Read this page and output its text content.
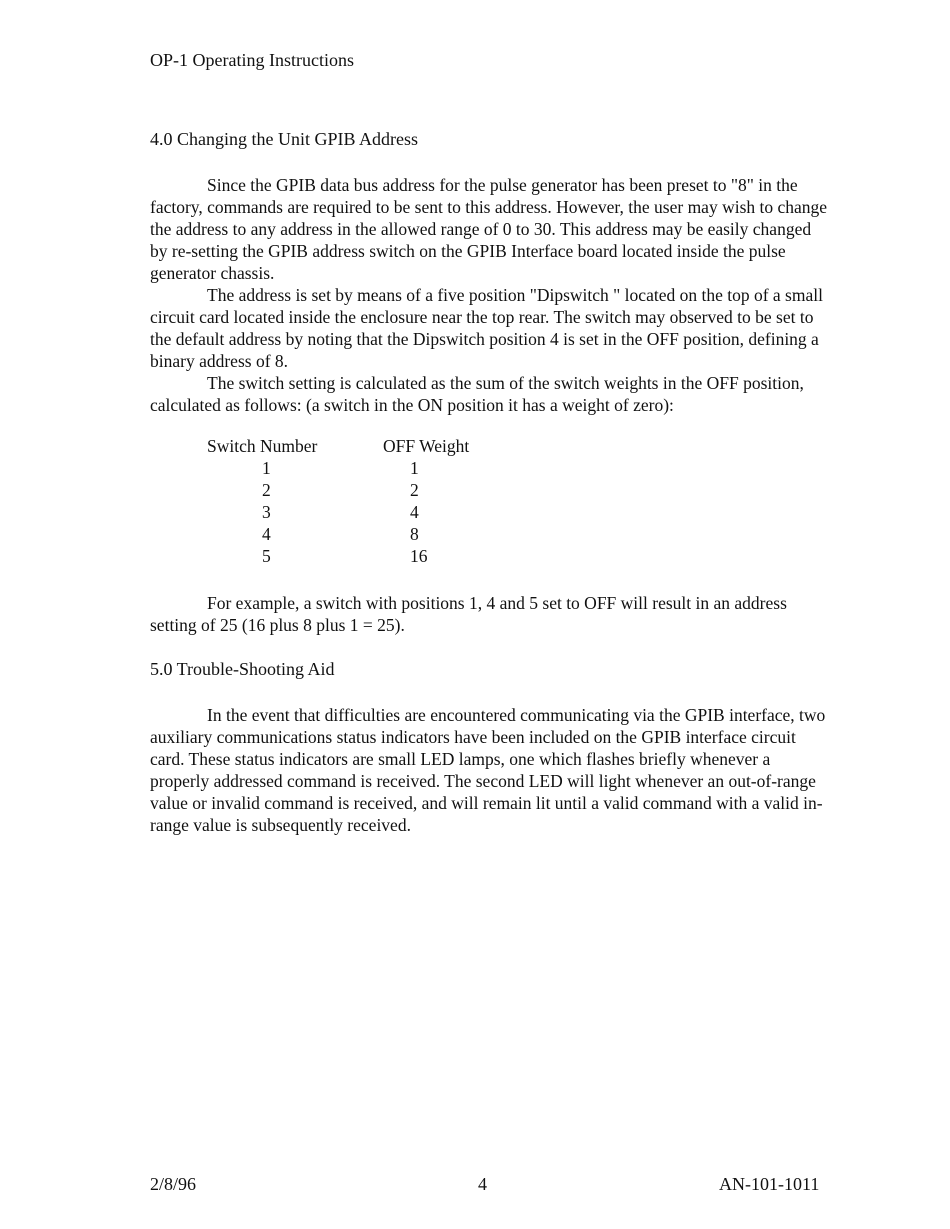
OP-1 Operating Instructions
4.0 Changing the Unit GPIB Address

Since the GPIB data bus address for the pulse generator has been preset to "8" in the factory, commands are required to be sent to this address. However, the user may wish to change the address to any address in the allowed range of 0 to 30. This address may be easily changed by re-setting the GPIB address switch on the GPIB Interface board located inside the pulse generator chassis.

The address is set by means of a five position "Dipswitch " located on the top of a small circuit card located inside the enclosure near the top rear. The switch may observed to be set to the default address by noting that the Dipswitch position 4 is set in the OFF position, defining a binary address of 8.

The switch setting is calculated as the sum of the switch weights in the OFF position, calculated as follows: (a switch in the ON position it has a weight of zero):

Switch Number	OFF Weight
1	1
2	2
3	4
4	8
5	16

For example, a switch with positions 1, 4 and 5 set to OFF will result in an address setting of 25 (16 plus 8 plus 1 = 25).

5.0 Trouble-Shooting Aid

In the event that difficulties are encountered communicating via the GPIB interface, two auxiliary communications status indicators have been included on the GPIB interface circuit card. These status indicators are small LED lamps, one which flashes briefly whenever a properly addressed command is received. The second LED will light whenever an out-of-range value or invalid command is received, and will remain lit until a valid command with a valid in-range value is subsequently received.

2/8/96	4	AN-101-1011
